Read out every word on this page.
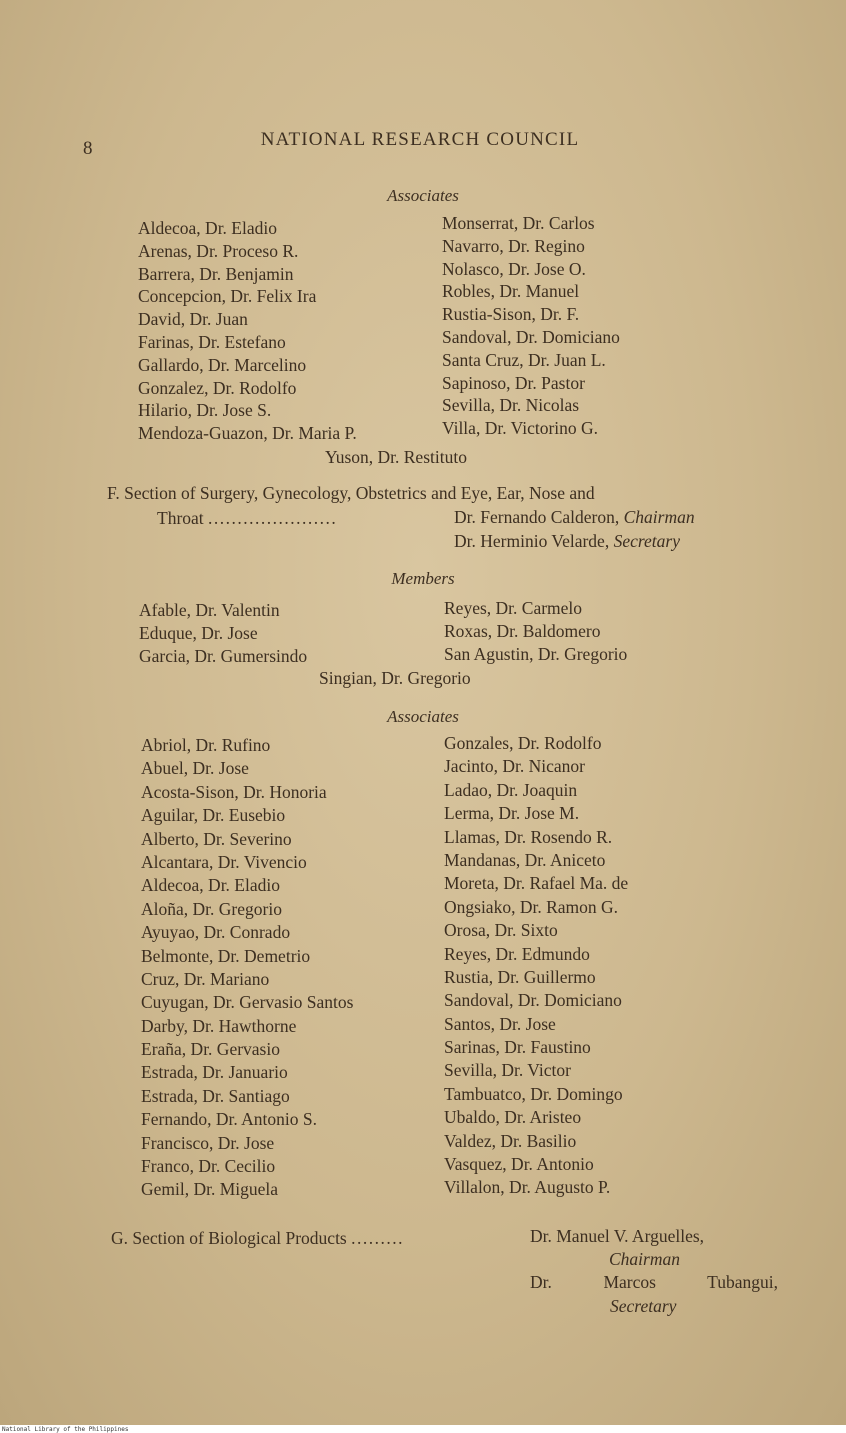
8	NATIONAL RESEARCH COUNCIL
Associates
Aldecoa, Dr. Eladio
Arenas, Dr. Proceso R.
Barrera, Dr. Benjamin
Concepcion, Dr. Felix Ira
David, Dr. Juan
Farinas, Dr. Estefano
Gallardo, Dr. Marcelino
Gonzalez, Dr. Rodolfo
Hilario, Dr. Jose S.
Mendoza-Guazon, Dr. Maria P.
Monserrat, Dr. Carlos
Navarro, Dr. Regino
Nolasco, Dr. Jose O.
Robles, Dr. Manuel
Rustia-Sison, Dr. F.
Sandoval, Dr. Domiciano
Santa Cruz, Dr. Juan L.
Sapinoso, Dr. Pastor
Sevilla, Dr. Nicolas
Villa, Dr. Victorino G.
Yuson, Dr. Restituto
F. Section of Surgery, Gynecology, Obstetrics and Eye, Ear, Nose and
Throat ......................	Dr. Fernando Calderon, Chairman
Dr. Herminio Velarde, Secretary
Members
Afable, Dr. Valentin
Eduque, Dr. Jose
Garcia, Dr. Gumersindo
Reyes, Dr. Carmelo
Roxas, Dr. Baldomero
San Agustin, Dr. Gregorio
Singian, Dr. Gregorio
Associates
Abriol, Dr. Rufino
Abuel, Dr. Jose
Acosta-Sison, Dr. Honoria
Aguilar, Dr. Eusebio
Alberto, Dr. Severino
Alcantara, Dr. Vivencio
Aldecoa, Dr. Eladio
Aloña, Dr. Gregorio
Ayuyao, Dr. Conrado
Belmonte, Dr. Demetrio
Cruz, Dr. Mariano
Cuyugan, Dr. Gervasio Santos
Darby, Dr. Hawthorne
Eraña, Dr. Gervasio
Estrada, Dr. Januario
Estrada, Dr. Santiago
Fernando, Dr. Antonio S.
Francisco, Dr. Jose
Franco, Dr. Cecilio
Gemil, Dr. Miguela
Gonzales, Dr. Rodolfo
Jacinto, Dr. Nicanor
Ladao, Dr. Joaquin
Lerma, Dr. Jose M.
Llamas, Dr. Rosendo R.
Mandanas, Dr. Aniceto
Moreta, Dr. Rafael Ma. de
Ongsiako, Dr. Ramon G.
Orosa, Dr. Sixto
Reyes, Dr. Edmundo
Rustia, Dr. Guillermo
Sandoval, Dr. Domiciano
Santos, Dr. Jose
Sarinas, Dr. Faustino
Sevilla, Dr. Victor
Tambuatco, Dr. Domingo
Ubaldo, Dr. Aristeo
Valdez, Dr. Basilio
Vasquez, Dr. Antonio
Villalon, Dr. Augusto P.
G. Section of Biological Products .........	Dr. Manuel V. Arguelles,
Chairman
Dr. Marcos Tubangui,
Secretary
National Library of the Philippines
